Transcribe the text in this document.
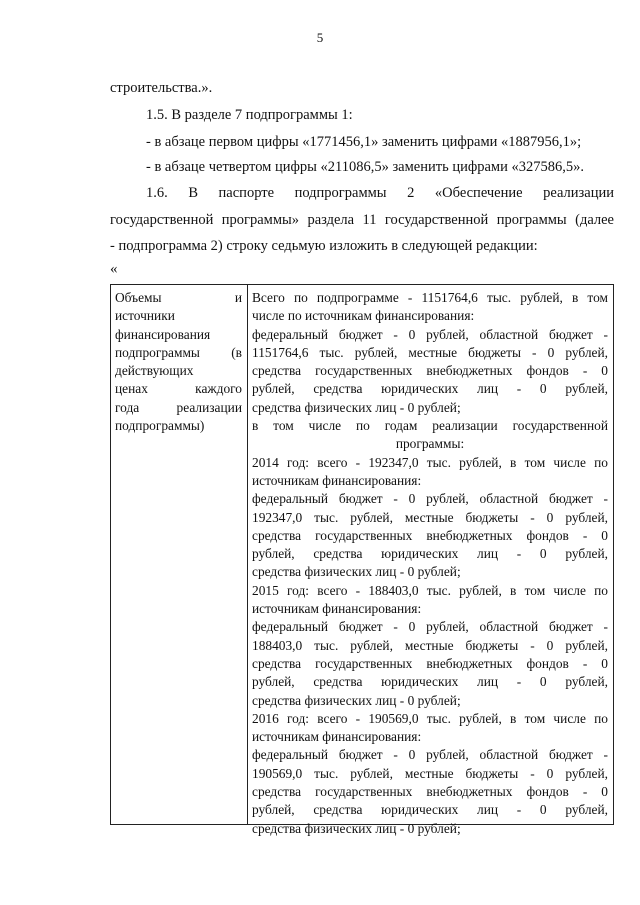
5
строительства.».
1.5. В разделе 7 подпрограммы 1:
- в абзаце первом цифры «1771456,1» заменить цифрами «1887956,1»;
- в абзаце четвертом цифры «211086,5» заменить цифрами «327586,5».
1.6. В паспорте подпрограммы 2 «Обеспечение реализации
государственной программы» раздела 11 государственной программы (далее
- подпрограмма 2) строку седьмую изложить в следующей редакции:
«
Объемы и
источники
финансирования
подпрограммы (в
действующих
ценах каждого
года реализации
подпрограммы)
Всего по подпрограмме - 1151764,6 тыс. рублей, в том
числе по источникам финансирования:
федеральный бюджет - 0 рублей, областной бюджет -
1151764,6 тыс. рублей, местные бюджеты - 0 рублей,
средства государственных внебюджетных фондов - 0
рублей, средства юридических лиц - 0 рублей,
средства физических лиц - 0 рублей;
в том числе по годам реализации государственной
программы:
2014 год: всего - 192347,0 тыс. рублей, в том числе по
источникам финансирования:
федеральный бюджет - 0 рублей, областной бюджет -
192347,0 тыс. рублей, местные бюджеты - 0 рублей,
средства государственных внебюджетных фондов - 0
рублей, средства юридических лиц - 0 рублей,
средства физических лиц - 0 рублей;
2015 год: всего - 188403,0 тыс. рублей, в том числе по
источникам финансирования:
федеральный бюджет - 0 рублей, областной бюджет -
188403,0 тыс. рублей, местные бюджеты - 0 рублей,
средства государственных внебюджетных фондов - 0
рублей, средства юридических лиц - 0 рублей,
средства физических лиц - 0 рублей;
2016 год: всего - 190569,0 тыс. рублей, в том числе по
источникам финансирования:
федеральный бюджет - 0 рублей, областной бюджет -
190569,0 тыс. рублей, местные бюджеты - 0 рублей,
средства государственных внебюджетных фондов - 0
рублей, средства юридических лиц - 0 рублей,
средства физических лиц - 0 рублей;
